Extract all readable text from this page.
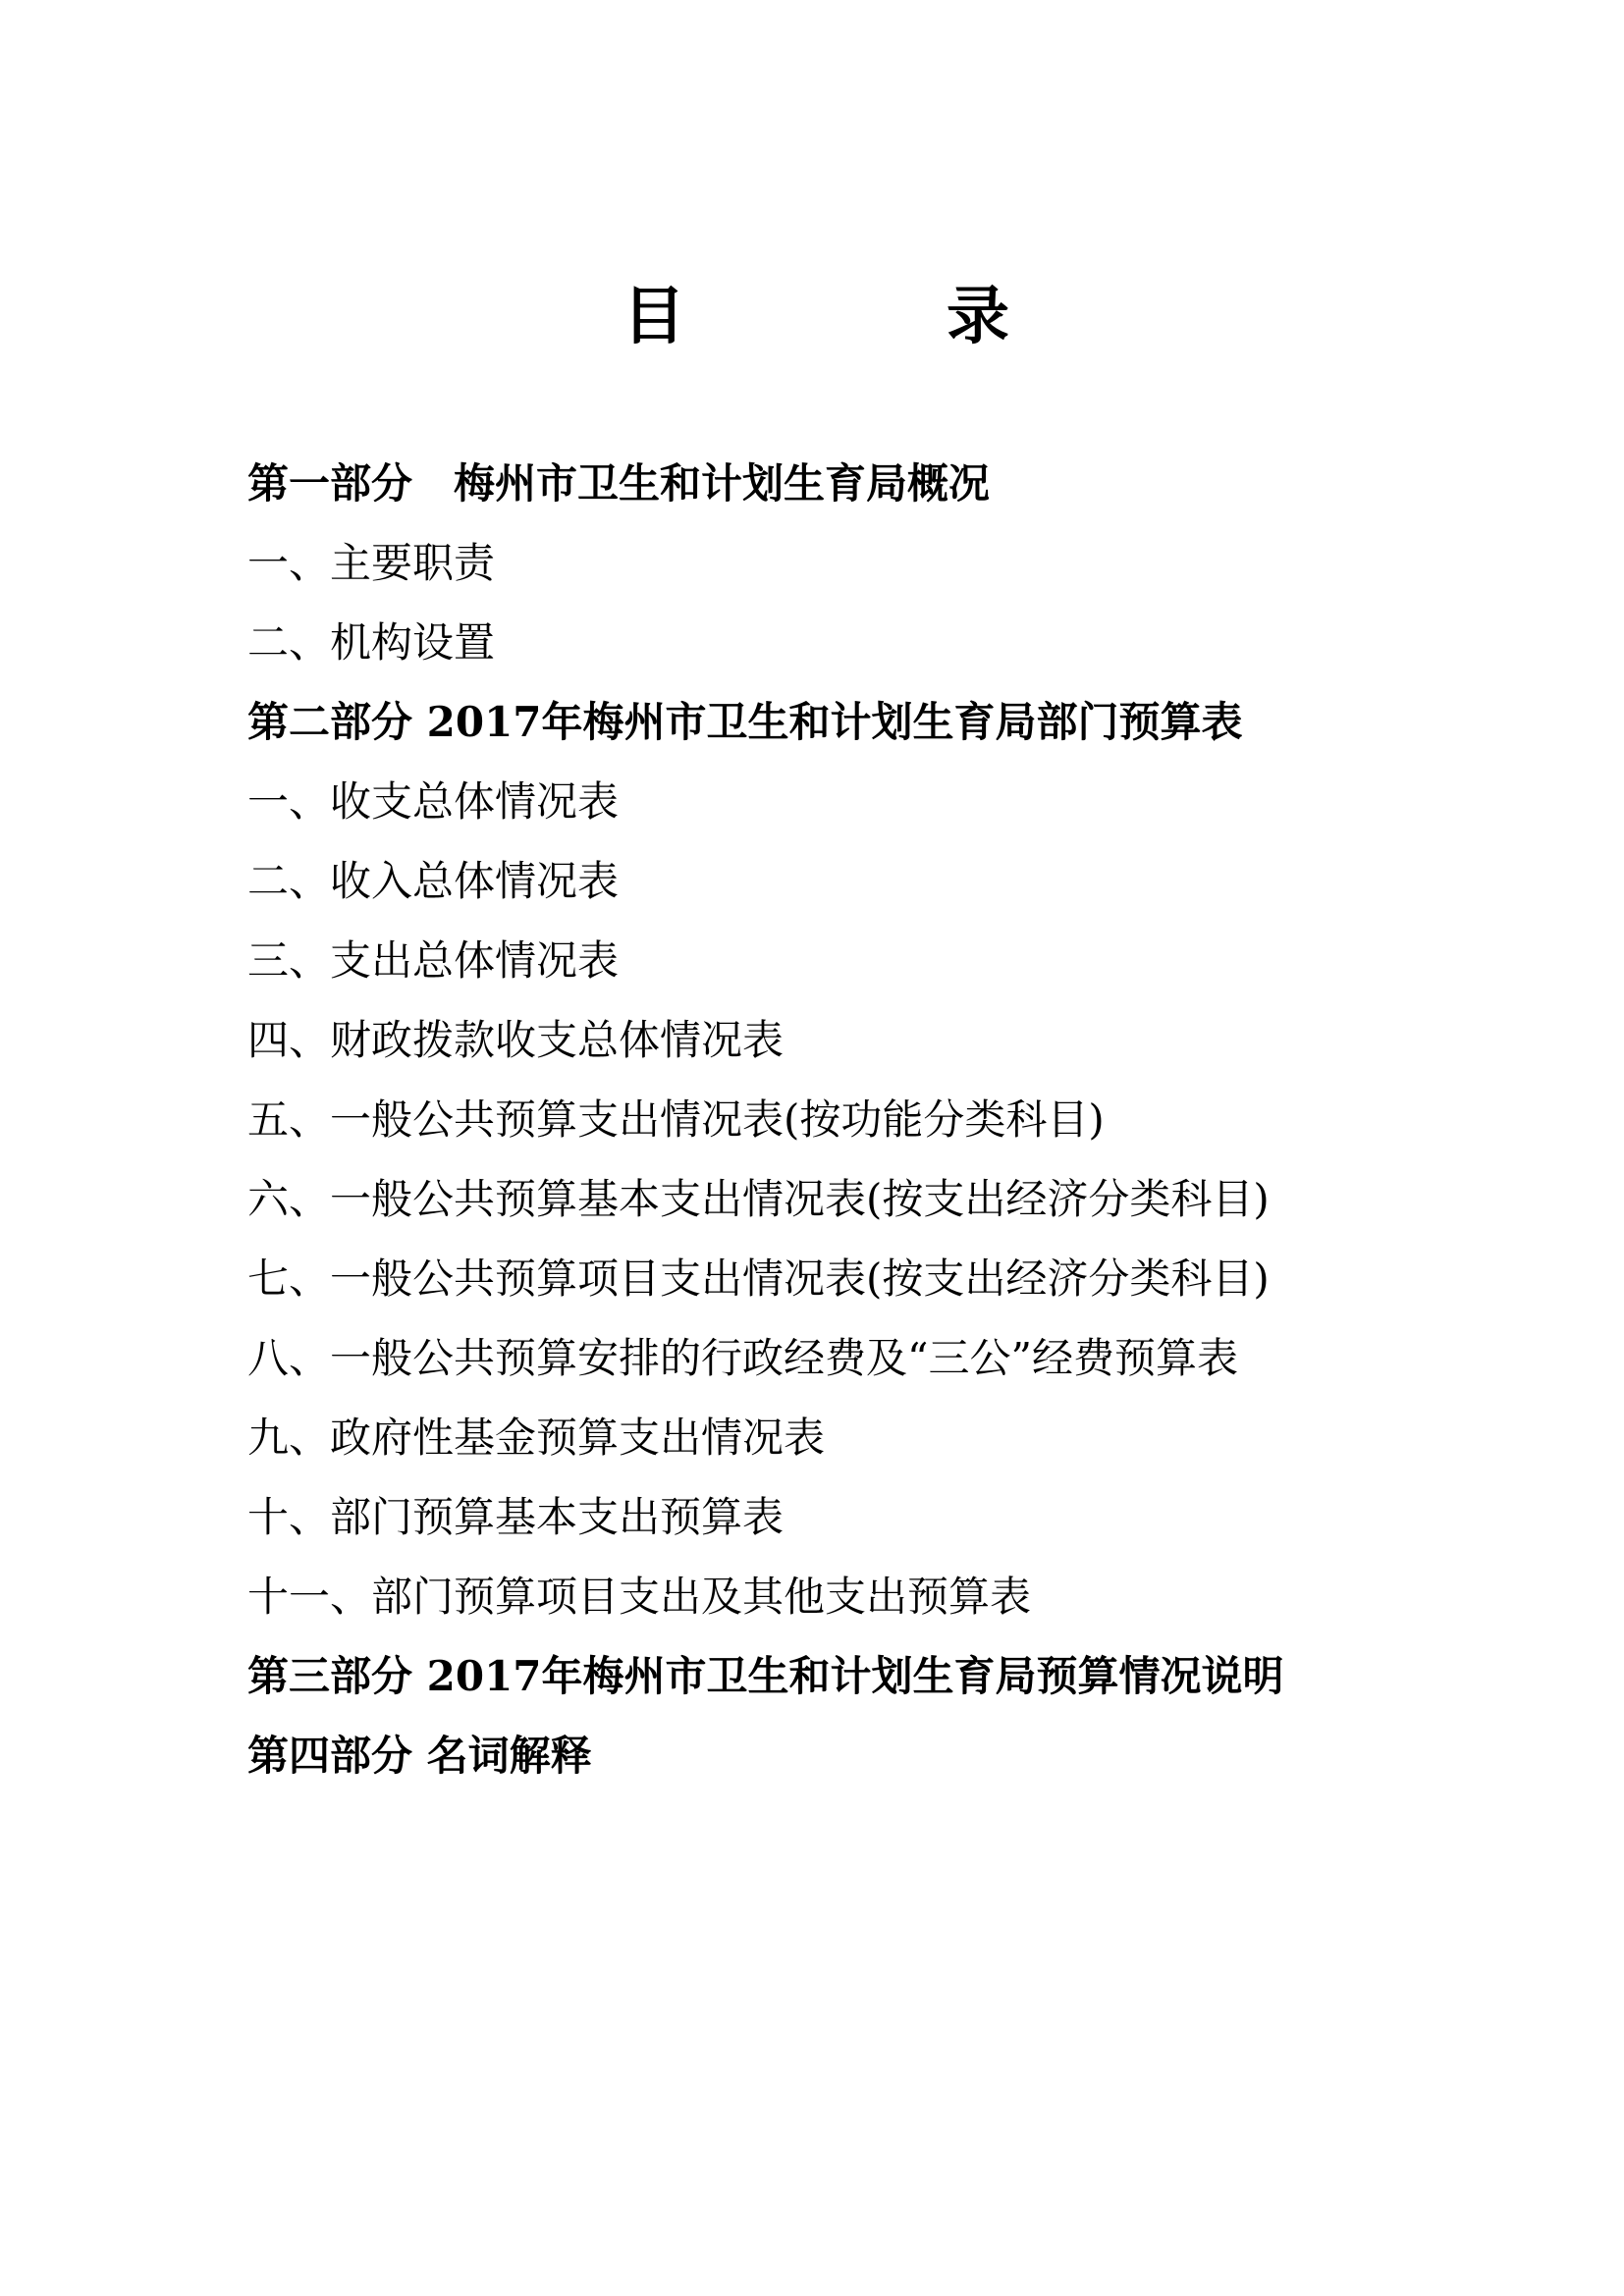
目	录
第一部分　梅州市卫生和计划生育局概况
一、主要职责
二、机构设置
第二部分 2017年梅州市卫生和计划生育局部门预算表
一、收支总体情况表
二、收入总体情况表
三、支出总体情况表
四、财政拨款收支总体情况表
五、一般公共预算支出情况表(按功能分类科目)
六、一般公共预算基本支出情况表(按支出经济分类科目)
七、一般公共预算项目支出情况表(按支出经济分类科目)
八、一般公共预算安排的行政经费及“三公”经费预算表
九、政府性基金预算支出情况表
十、部门预算基本支出预算表
十一、部门预算项目支出及其他支出预算表
第三部分 2017年梅州市卫生和计划生育局预算情况说明
第四部分 名词解释
